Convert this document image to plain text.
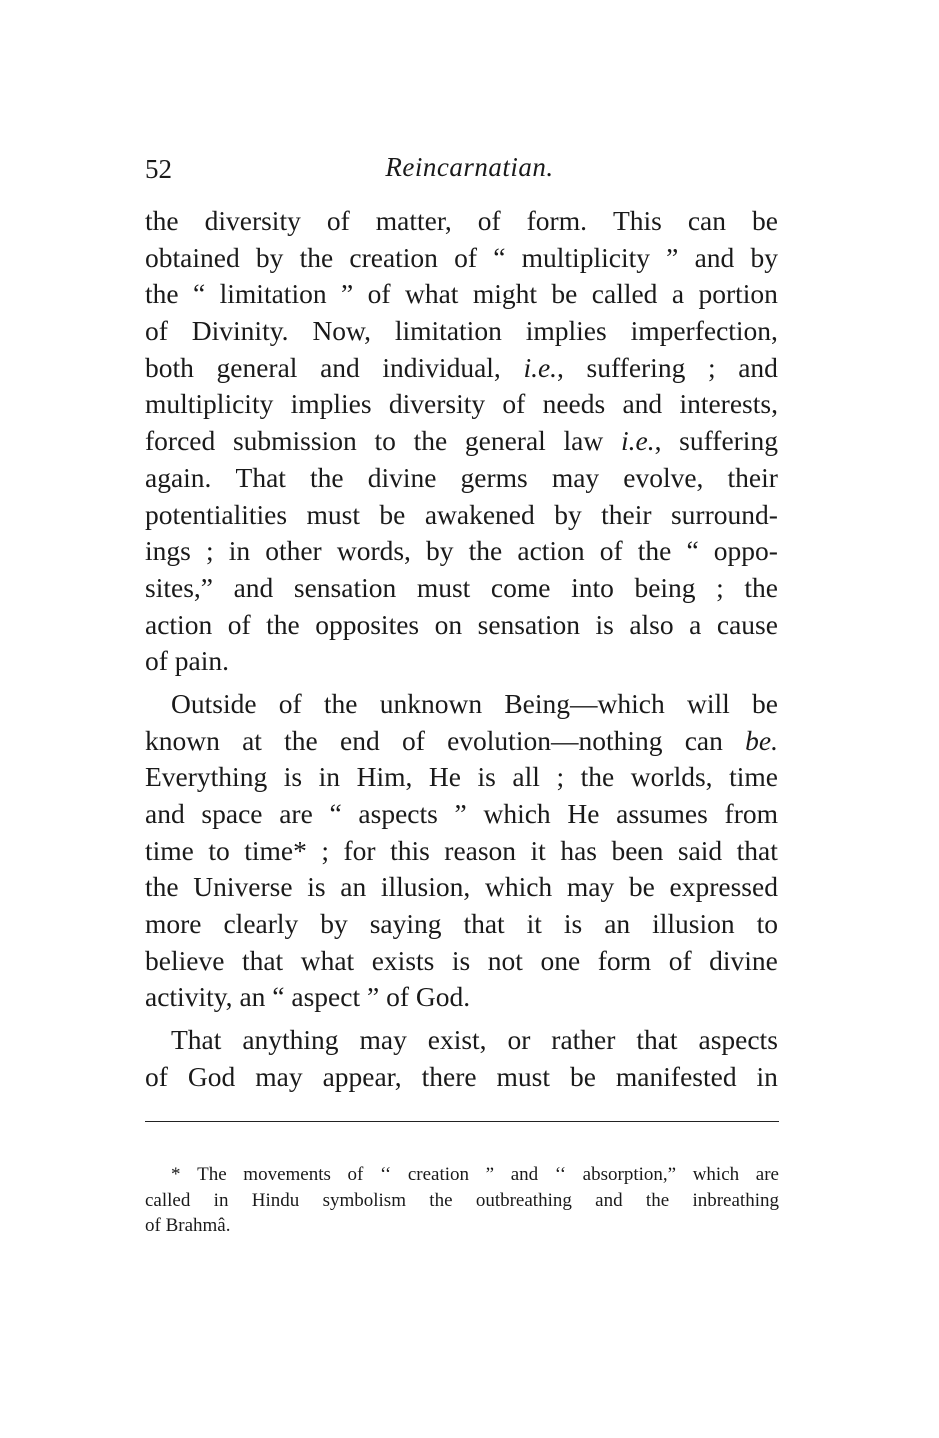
52	Reincarnatian.
the diversity of matter, of form. This can be
obtained by the creation of “ multiplicity ” and by
the “ limitation ” of what might be called a portion
of Divinity. Now, limitation implies imperfection,
both general and individual, i.e., suffering ; and
multiplicity implies diversity of needs and interests,
forced submission to the general law i.e., suffering
again. That the divine germs may evolve, their
potentialities must be awakened by their surround-
ings ; in other words, by the action of the “ oppo-
sites,” and sensation must come into being ; the
action of the opposites on sensation is also a cause
of pain.
Outside of the unknown Being—which will be
known at the end of evolution—nothing can be.
Everything is in Him, He is all ; the worlds, time
and space are “ aspects ” which He assumes from
time to time* ; for this reason it has been said that
the Universe is an illusion, which may be expressed
more clearly by saying that it is an illusion to
believe that what exists is not one form of divine
activity, an “ aspect ” of God.
That anything may exist, or rather that aspects
of God may appear, there must be manifested in
* The movements of ‘‘ creation ” and ‘‘ absorption,” which are
called in Hindu symbolism the outbreathing and the inbreathing
of Brahmâ.
